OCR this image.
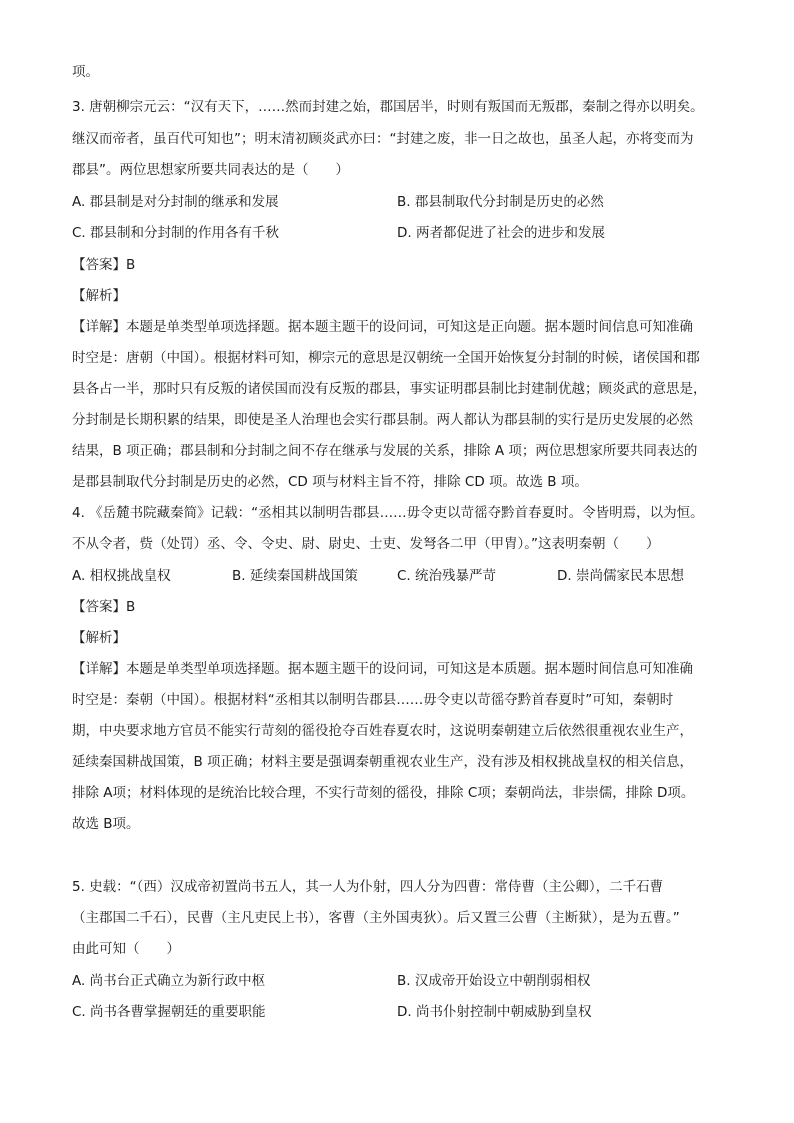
项。
3. 唐朝柳宗元云：“汉有天下，……然而封建之始，郡国居半，时则有叛国而无叛郡，秦制之得亦以明矣。
继汉而帝者，虽百代可知也”；明末清初顾炎武亦曰：“封建之废，非一日之故也，虽圣人起，亦将变而为
郡县”。两位思想家所要共同表达的是（　　）
A. 郡县制是对分封制的继承和发展	B. 郡县制取代分封制是历史的必然
C. 郡县制和分封制的作用各有千秋	D. 两者都促进了社会的进步和发展
【答案】B
【解析】
【详解】本题是单类型单项选择题。据本题主题干的设问词，可知这是正向题。据本题时间信息可知准确
时空是：唐朝（中国）。根据材料可知，柳宗元的意思是汉朝统一全国开始恢复分封制的时候，诸侯国和郡
县各占一半，那时只有反叛的诸侯国而没有反叛的郡县，事实证明郡县制比封建制优越；顾炎武的意思是，
分封制是长期积累的结果，即使是圣人治理也会实行郡县制。两人都认为郡县制的实行是历史发展的必然
结果，B 项正确；郡县制和分封制之间不存在继承与发展的关系，排除 A 项；两位思想家所要共同表达的
是郡县制取代分封制是历史的必然，CD 项与材料主旨不符，排除 CD 项。故选 B 项。
4. 《岳麓书院藏秦简》记载：“丞相其以制明告郡县……毋令吏以苛徭夺黔首春夏时。令皆明焉，以为恒。
不从令者，赀（处罚）丞、令、令史、尉、尉史、士吏、发弩各二甲（甲胄）。”这表明秦朝（　　）
A. 相权挑战皇权	B. 延续秦国耕战国策	C. 统治残暴严苛	D. 崇尚儒家民本思想
【答案】B
【解析】
【详解】本题是单类型单项选择题。据本题主题干的设问词，可知这是本质题。据本题时间信息可知准确
时空是：秦朝（中国）。根据材料“丞相其以制明告郡县……毋令吏以苛徭夺黔首春夏时”可知，秦朝时
期，中央要求地方官员不能实行苛刻的徭役抢夺百姓春夏农时，这说明秦朝建立后依然很重视农业生产，
延续秦国耕战国策，B 项正确；材料主要是强调秦朝重视农业生产，没有涉及相权挑战皇权的相关信息，
排除 A项；材料体现的是统治比较合理，不实行苛刻的徭役，排除 C项；秦朝尚法，非崇儒，排除 D项。
故选 B项。
5. 史载：“（西）汉成帝初置尚书五人，其一人为仆射，四人分为四曹：常侍曹（主公卿），二千石曹
（主郡国二千石），民曹（主凡吏民上书），客曹（主外国夷狄）。后又置三公曹（主断狱），是为五曹。”
由此可知（　　）
A. 尚书台正式确立为新行政中枢	B. 汉成帝开始设立中朝削弱相权
C. 尚书各曹掌握朝廷的重要职能	D. 尚书仆射控制中朝威胁到皇权
